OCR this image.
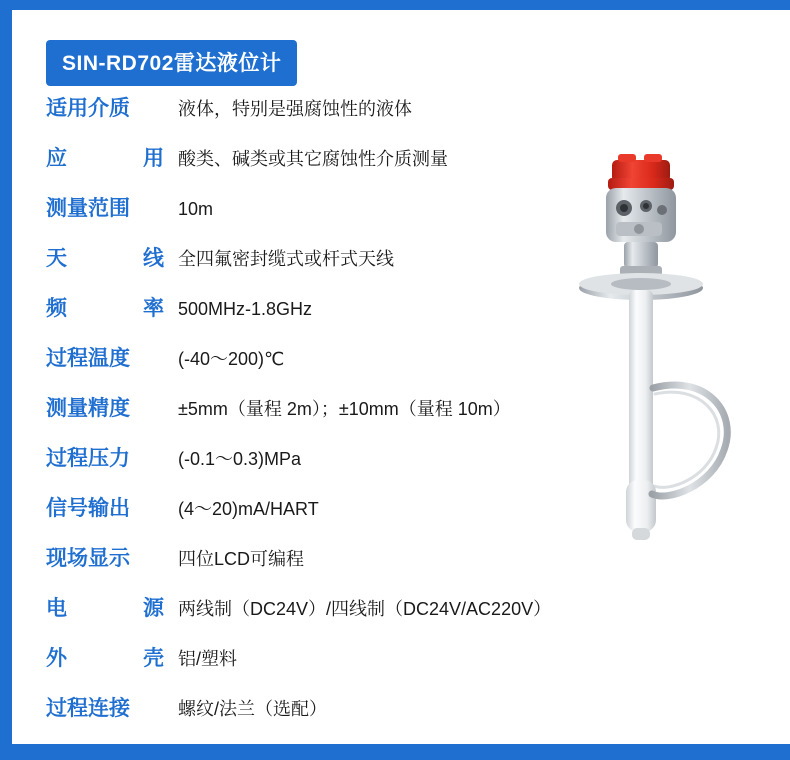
SIN-RD702雷达液位计
适用介质	液体，特别是强腐蚀性的液体
应用 酸类、碱类或其它腐蚀性介质测量
测量范围	10m
天线 全四氟密封缆式或杆式天线
频率 500MHz-1.8GHz
过程温度	(-40～200)℃
测量精度	±5mm（量程 2m）；±10mm（量程 10m）
过程压力	(-0.1～0.3)MPa
信号输出	(4～20)mA/HART
现场显示	四位LCD可编程
电源 两线制（DC24V）/四线制（DC24V/AC220V）
外壳 铝/塑料
过程连接	螺纹/法兰（选配）
